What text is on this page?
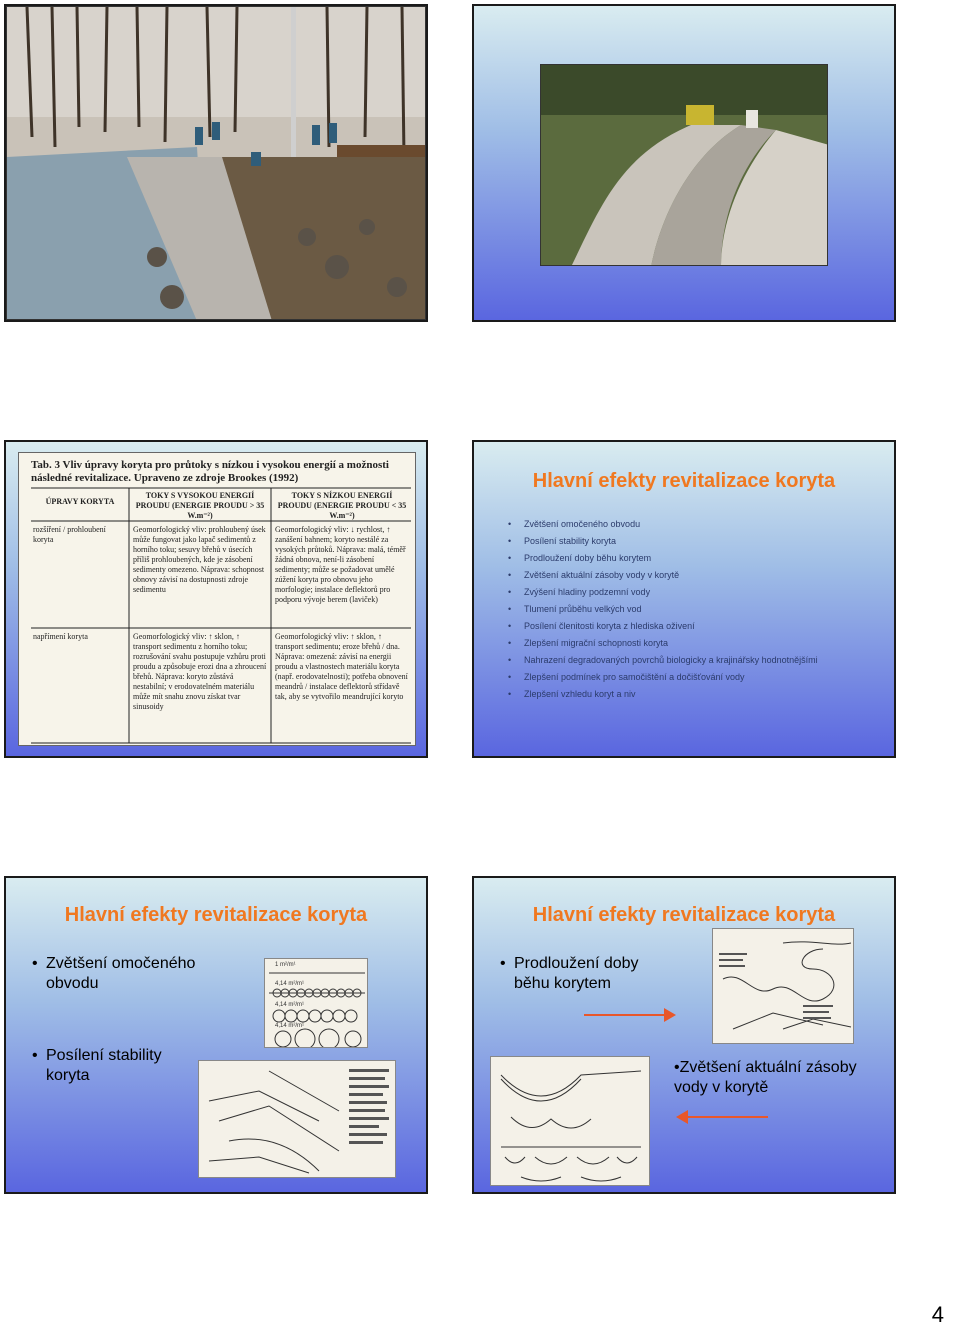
Tab. 3 Vliv úpravy koryta pro průtoky s nízkou i vysokou energií a možnosti následné revitalizace. Upraveno ze zdroje Brookes (1992)
ÚPRAVY KORYTA
TOKY S VYSOKOU ENERGIÍ PROUDU (ENERGIE PROUDU > 35 W.m⁻²)
TOKY S NÍZKOU ENERGIÍ PROUDU (ENERGIE PROUDU < 35 W.m⁻²)
rozšíření / prohloubení koryta
Geomorfologický vliv: prohloubený úsek může fungovat jako lapač sedimentů z horního toku; sesuvy břehů v úsecích příliš prohloubených, kde je zásobení sedimenty omezeno. Náprava: schopnost obnovy závisí na dostupnosti zdroje sedimentu
Geomorfologický vliv: ↓ rychlost, ↑ zanášení bahnem; koryto nestálé za vysokých průtoků. Náprava: malá, téměř žádná obnova, není-li zásobení sedimenty; může se požadovat umělé zúžení koryta pro obnovu jeho morfologie; instalace deflektorů pro podporu vývoje berem (laviček)
napřímení koryta	Geomorfologický vliv: ↑ sklon, ↑ transport sedimentu z horního toku; rozrušování svahu postupuje vzhůru proti proudu a způsobuje erozi dna a zhroucení břehů. Náprava: koryto zůstává nestabilní; v erodovatelném materiálu může mít snahu znovu získat tvar sinusoidy
Geomorfologický vliv: ↑ sklon, ↑ transport sedimentu; eroze břehů / dna. Náprava: omezená: závisí na energii proudu a vlastnostech materiálu koryta (např. erodovatelnosti); potřeba obnovení meandrů / instalace deflektorů střídavě tak, aby se vytvořilo meandrující koryto
Hlavní efekty revitalizace koryta
• Zvětšení omočeného obvodu
• Posílení stability koryta
• Prodloužení doby běhu korytem
• Zvětšení aktuální zásoby vody v korytě
• Zvýšení hladiny podzemní vody
• Tlumení průběhu velkých vod
• Posílení členitosti koryta z hlediska oživení
• Zlepšení migrační schopnosti koryta
• Nahrazení degradovaných povrchů biologicky a krajinářsky hodnotnějšími
• Zlepšení podmínek pro samočištění a dočišťování vody
• Zlepšení vzhledu koryt a niv
Hlavní efekty revitalizace koryta
• Zvětšení omočeného obvodu
• Posílení stability koryta
1 m²/m¹
4,14 m²/m¹
4,14 m²/m¹
4,14 m²/m¹
Hlavní efekty revitalizace koryta
• Prodloužení doby běhu korytem
•Zvětšení aktuální zásoby vody v korytě
4
